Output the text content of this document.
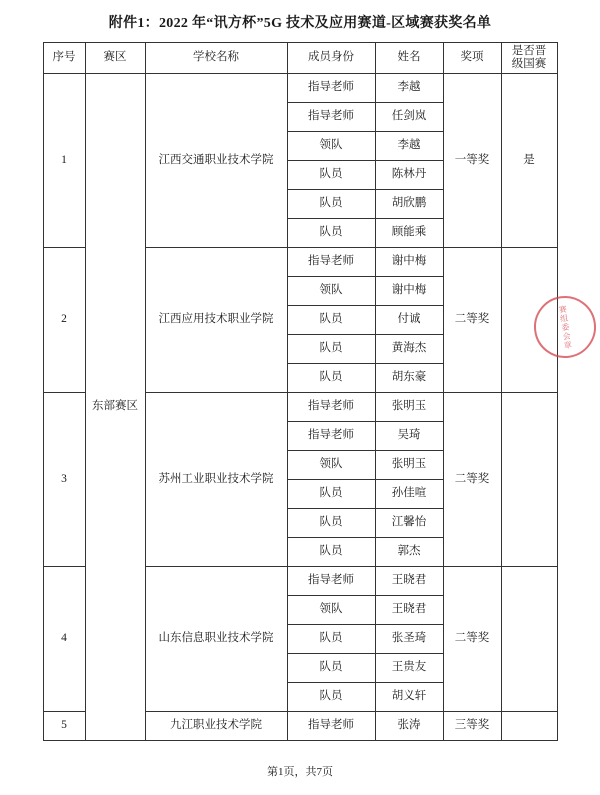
附件1：2022 年“讯方杯”5G 技术及应用赛道-区域赛获奖名单
序号	赛区	学校名称	成员身份	姓名	奖项	是否晋
级国赛

1	东部赛区	江西交通职业技术学院	指导老师	李越	一等奖	是
			指导老师	任剑岚		
			领队	李越		
			队员	陈林丹		
			队员	胡欣鹏		
			队员	顾能乘		
2		江西应用技术职业学院	指导老师	谢中梅	二等奖	
			领队	谢中梅		
			队员	付诚		
			队员	黄海杰		
			队员	胡东豪		
3		苏州工业职业技术学院	指导老师	张明玉	二等奖	
			指导老师	吴琦		
			领队	张明玉		
			队员	孙佳喧		
			队员	江馨怡		
			队员	郭杰		
4		山东信息职业技术学院	指导老师	王晓君	二等奖	
			领队	王晓君		
			队员	张圣琦		
			队员	王贵友		
			队员	胡义轩		
5		九江职业技术学院	指导老师	张涛	三等奖	
赛组委会章
第1页，共7页
